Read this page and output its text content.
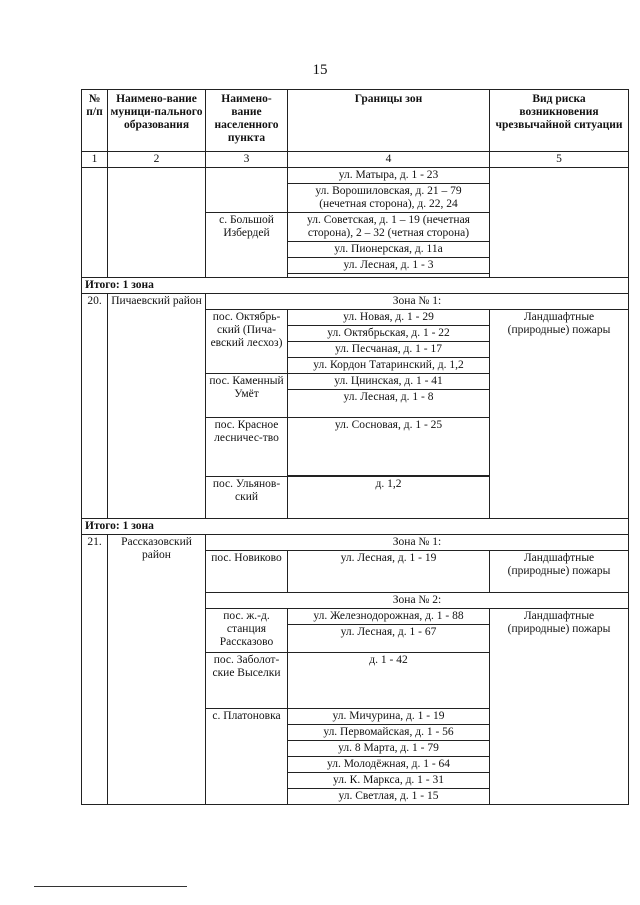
15
№ п/п	Наимено-вание муници-пального образования	Наимено-вание населенного пункта	Границы зон	Вид риска возникновения чрезвычайной ситуации
1	2	3	4	5
			ул. Матыра, д. 1 - 23	
			ул. Ворошиловская, д. 21 – 79 (нечетная сторона), д. 22, 24	
		с. Большой Избердей	ул. Советская, д. 1 – 19 (нечетная сторона), 2 – 32 (четная сторона)	
			ул. Пионерская, д. 11а	
			ул. Лесная, д. 1 - 3	

Итого: 1 зона				
20.	Пичаевский район	Зона № 1:		
		пос. Октябрь-ский (Пича-евский лесхоз)	ул. Новая, д. 1 - 29	Ландшафтные (природные) пожары
			ул. Октябрьская, д. 1 - 22	
			ул. Песчаная, д. 1 - 17	
			ул. Кордон Татаринский, д. 1,2	
		пос. Каменный Умёт	ул. Цнинская, д. 1 - 41	
			ул. Лесная, д. 1 - 8	
		пос. Красное лесничес-тво	ул. Сосновая, д. 1 - 25	

		пос. Ульянов-ский	д. 1,2	
Итого: 1 зона				
21.	Рассказовский район	Зона № 1:		
		пос. Новиково	ул. Лесная, д. 1 - 19	Ландшафтные (природные) пожары
		Зона № 2:		
		пос. ж.-д. станция Рассказово	ул. Железнодорожная, д. 1 - 88	Ландшафтные (природные) пожары
			ул. Лесная, д. 1 - 67	
		пос. Заболот-ские Выселки	д. 1 - 42	
		с. Платоновка	ул. Мичурина, д. 1 - 19	
			ул. Первомайская, д. 1 - 56	
			ул. 8 Марта, д. 1 - 79	
			ул. Молодёжная, д. 1 - 64	
			ул. К. Маркса, д. 1 - 31	
			ул. Светлая, д. 1 - 15	
